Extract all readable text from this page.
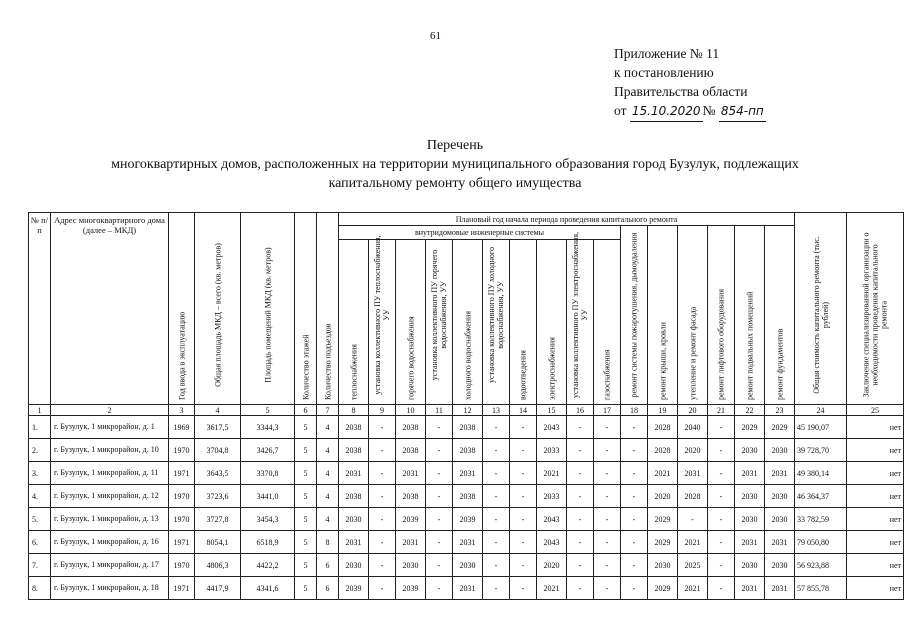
61
Приложение № 11
к постановлению
Правительства области
от
15.10.2020 №
854-пп
Перечень
многоквартирных домов, расположенных на территории муниципального образования город Бузулук, подлежащих
капитальному ремонту общего имущества
№ п/п	Адрес многоквартирного дома (далее – МКД)	Год ввода в эксплуатацию	Общая площадь МКД – всего (кв. метров)	Площадь помещений МКД (кв. метров)	Количество этажей	Количество подъездов	Плановый год начала периода проведения капитального ремонта																Общая стоимость капитального ремонта (тыс. рублей)	Заключение специализированной организации о необходимости проведения капитального ремонта

							внутридомовые инженерные системы										ремонт системы пожаротушения, дымоудаления	ремонт крыши, кровли	утепление и ремонт фасада	ремонт лифтового оборудования	ремонт подвальных помещений	ремонт фундаментов		

							теплоснабжения	установка коллективного ПУ теплоснабжения, УУ	горячего водоснабжения	установка коллективного ПУ горячего водоснабжения, УУ	холодного водоснабжения	установка коллективного ПУ холодного водоснабжения, УУ	водоотведения	электроснабжения	установка коллективного ПУ электроснабжения, УУ	газоснабжения								

1	2	3	4	5	6	7	8	9	10	11	12	13	14	15	16	17	18	19	20	21	22	23	24	25
1.	г. Бузулук, 1 микрорайон, д. 1	1969	3617,5	3344,3	5	4	2038	-	2038	-	2038	-	-	2043	-	-	-	2028	2040	-	2029	2029	45 190,07	нет
2.	г. Бузулук, 1 микрорайон, д. 10	1970	3704,8	3426,7	5	4	2038	-	2038	-	2038	-	-	2033	-	-	-	2028	2020	-	2030	2030	39 728,70	нет
3.	г. Бузулук, 1 микрорайон, д. 11	1971	3643,5	3370,8	5	4	2031	-	2031	-	2031	-	-	2021	-	-	-	2021	2031	-	2031	2031	49 380,14	нет
4.	г. Бузулук, 1 микрорайон, д. 12	1970	3723,6	3441,0	5	4	2038	-	2038	-	2038	-	-	2033	-	-	-	2020	2028	-	2030	2030	46 364,37	нет
5.	г. Бузулук, 1 микрорайон, д. 13	1970	3727,8	3454,3	5	4	2030	-	2039	-	2039	-	-	2043	-	-	-	2029	-	-	2030	2030	33 782,59	нет
6.	г. Бузулук, 1 микрорайон, д. 16	1971	8054,1	6518,9	5	8	2031	-	2031	-	2031	-	-	2043	-	-	-	2029	2021	-	2031	2031	79 050,80	нет
7.	г. Бузулук, 1 микрорайон, д. 17	1970	4806,3	4422,2	5	6	2030	-	2030	-	2030	-	-	2020	-	-	-	2030	2025	-	2030	2030	56 923,88	нет
8.	г. Бузулук, 1 микрорайон, д. 18	1971	4417,9	4341,6	5	6	2039	-	2039	-	2031	-	-	2021	-	-	-	2029	2021	-	2031	2031	57 855,78	нет
